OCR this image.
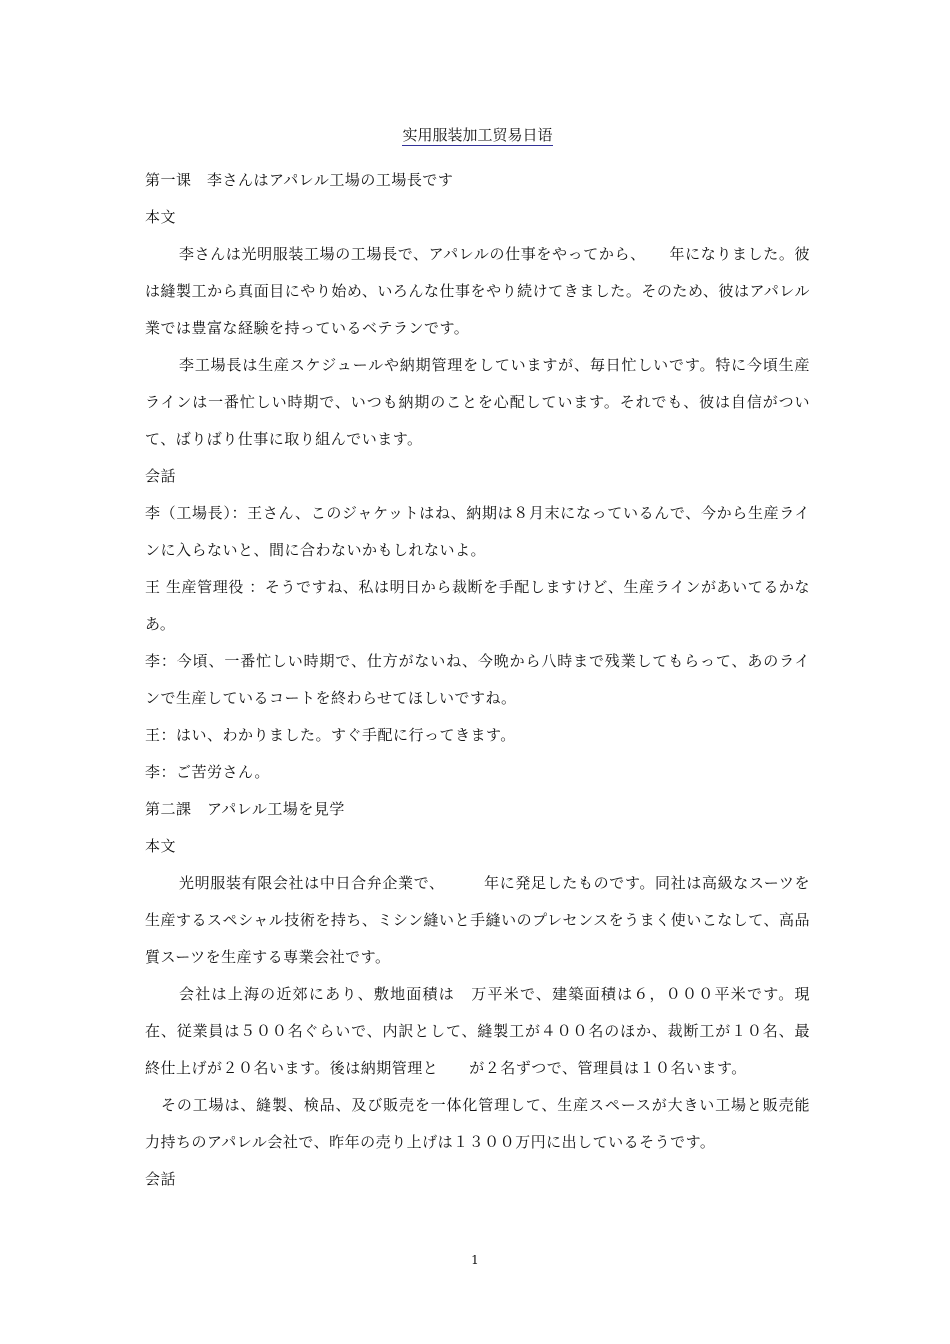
实用服装加工贸易日语

第一课　李さんはアパレル工場の工場長です

本文

李さんは光明服装工場の工場長で、アパレルの仕事をやってから、　　年になりました。彼は縫製工から真面目にやり始め、いろんな仕事をやり続けてきました。そのため、彼はアパレル業では豊富な経験を持っているベテランです。

李工場長は生産スケジュールや納期管理をしていますが、毎日忙しいです。特に今頃生産ラインは一番忙しい時期で、いつも納期のことを心配しています。それでも、彼は自信がついて、ばりばり仕事に取り組んでいます。

会話

李（工場長）：王さん、このジャケットはね、納期は８月末になっているんで、今から生産ラインに入らないと、間に合わないかもしれないよ。

王 生産管理役 ：そうですね、私は明日から裁断を手配しますけど、生産ラインがあいてるかなあ。

李：今頃、一番忙しい時期で、仕方がないね、今晩から八時まで残業してもらって、あのラインで生産しているコートを終わらせてほしいですね。

王：はい、わかりました。すぐ手配に行ってきます。

李：ご苦労さん。

第二課　アパレル工場を見学

本文

光明服装有限会社は中日合弁企業で、　　　年に発足したものです。同社は高級なスーツを生産するスペシャル技術を持ち、ミシン縫いと手縫いのプレセンスをうまく使いこなして、高品質スーツを生産する専業会社です。

会社は上海の近郊にあり、敷地面積は　万平米で、建築面積は６，０００平米です。現在、従業員は５００名ぐらいで、内訳として、縫製工が４００名のほか、裁断工が１０名、最終仕上げが２０名います。後は納期管理と　　が２名ずつで、管理員は１０名います。

その工場は、縫製、検品、及び販売を一体化管理して、生産スペースが大きい工場と販売能力持ちのアパレル会社で、昨年の売り上げは１３００万円に出しているそうです。

会話

1
